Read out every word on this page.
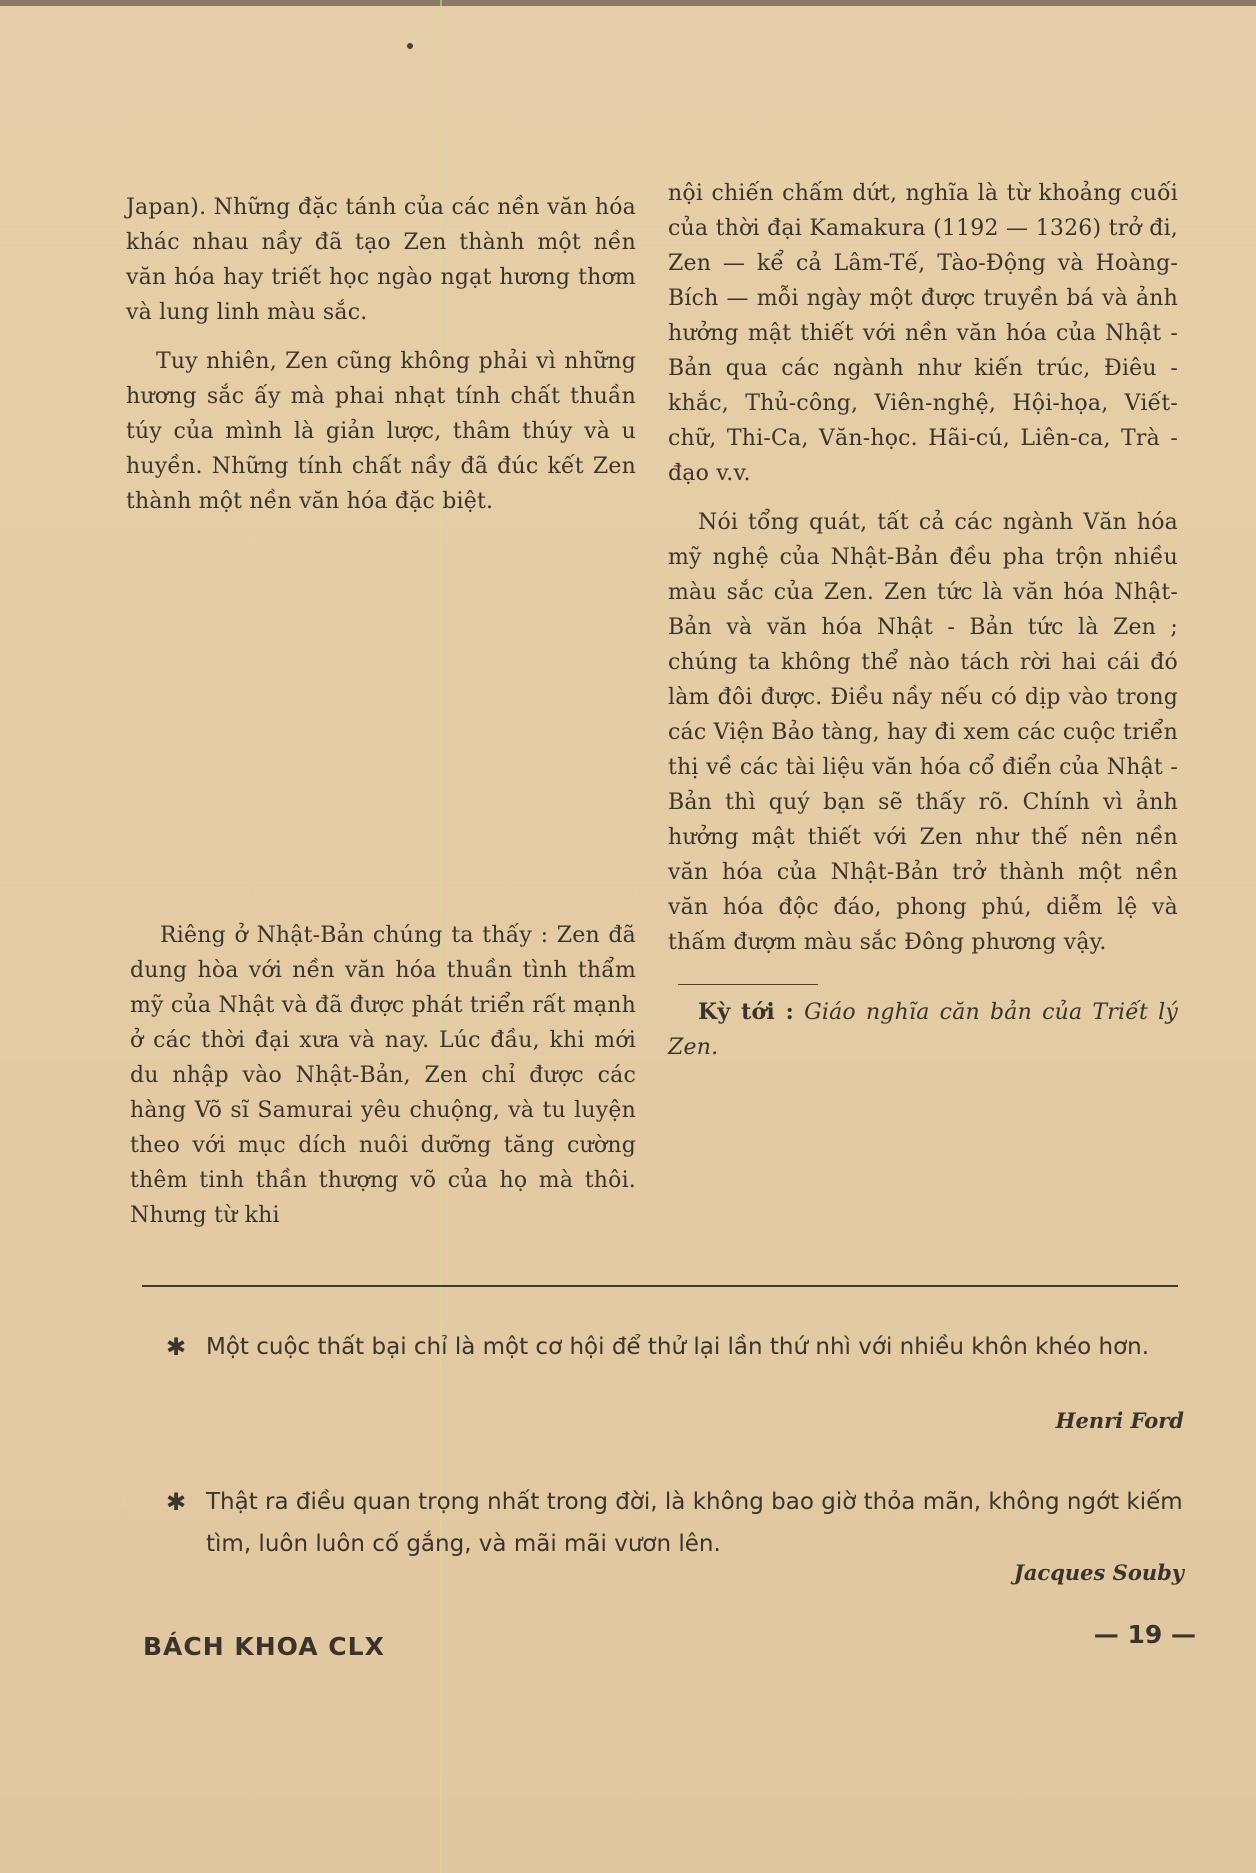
Japan). Những đặc tánh của các nền văn hóa khác nhau nầy đã tạo Zen thành một nền văn hóa hay triết học ngào ngạt hương thơm và lung linh màu sắc.

Tuy nhiên, Zen cũng không phải vì những hương sắc ấy mà phai nhạt tính chất thuần túy của mình là giản lược, thâm thúy và u huyền. Những tính chất nầy đã đúc kết Zen thành một nền văn hóa đặc biệt.

Riêng ở Nhật-Bản chúng ta thấy : Zen đã dung hòa với nền văn hóa thuần tình thẩm mỹ của Nhật và đã được phát triển rất mạnh ở các thời đại xưa và nay. Lúc đầu, khi mới du nhập vào Nhật-Bản, Zen chỉ được các hàng Võ sĩ Samurai yêu chuộng, và tu luyện theo với mục dích nuôi dưỡng tăng cường thêm tinh thần thượng võ của họ mà thôi. Nhưng từ khi

nội chiến chấm dứt, nghĩa là từ khoảng cuối của thời đại Kamakura (1192 — 1326) trở đi, Zen — kể cả Lâm-Tế, Tào-Động và Hoàng-Bích — mỗi ngày một được truyền bá và ảnh hưởng mật thiết với nền văn hóa của Nhật - Bản qua các ngành như kiến trúc, Điêu - khắc, Thủ-công, Viên-nghệ, Hội-họa, Viết-chữ, Thi-Ca, Văn-học. Hãi-cú, Liên-ca, Trà - đạo v.v.

Nói tổng quát, tất cả các ngành Văn hóa mỹ nghệ của Nhật-Bản đều pha trộn nhiều màu sắc của Zen. Zen tức là văn hóa Nhật-Bản và văn hóa Nhật - Bản tức là Zen ; chúng ta không thể nào tách rời hai cái đó làm đôi được. Điều nầy nếu có dịp vào trong các Viện Bảo tàng, hay đi xem các cuộc triển thị về các tài liệu văn hóa cổ điển của Nhật - Bản thì quý bạn sẽ thấy rõ. Chính vì ảnh hưởng mật thiết với Zen như thế nên nền văn hóa của Nhật-Bản trở thành một nền văn hóa độc đáo, phong phú, diễm lệ và thấm đượm màu sắc Đông phương vậy.

Kỳ tới : Giáo nghĩa căn bản của Triết lý Zen.

✱ Một cuộc thất bại chỉ là một cơ hội để thử lại lần thứ nhì với nhiều khôn khéo hơn.
Henri Ford
✱ Thật ra điều quan trọng nhất trong đời, là không bao giờ thỏa mãn, không ngớt kiếm tìm, luôn luôn cố gắng, và mãi mãi vươn lên.
Jacques Souby
BÁCH KHOA CLX	— 19 —
